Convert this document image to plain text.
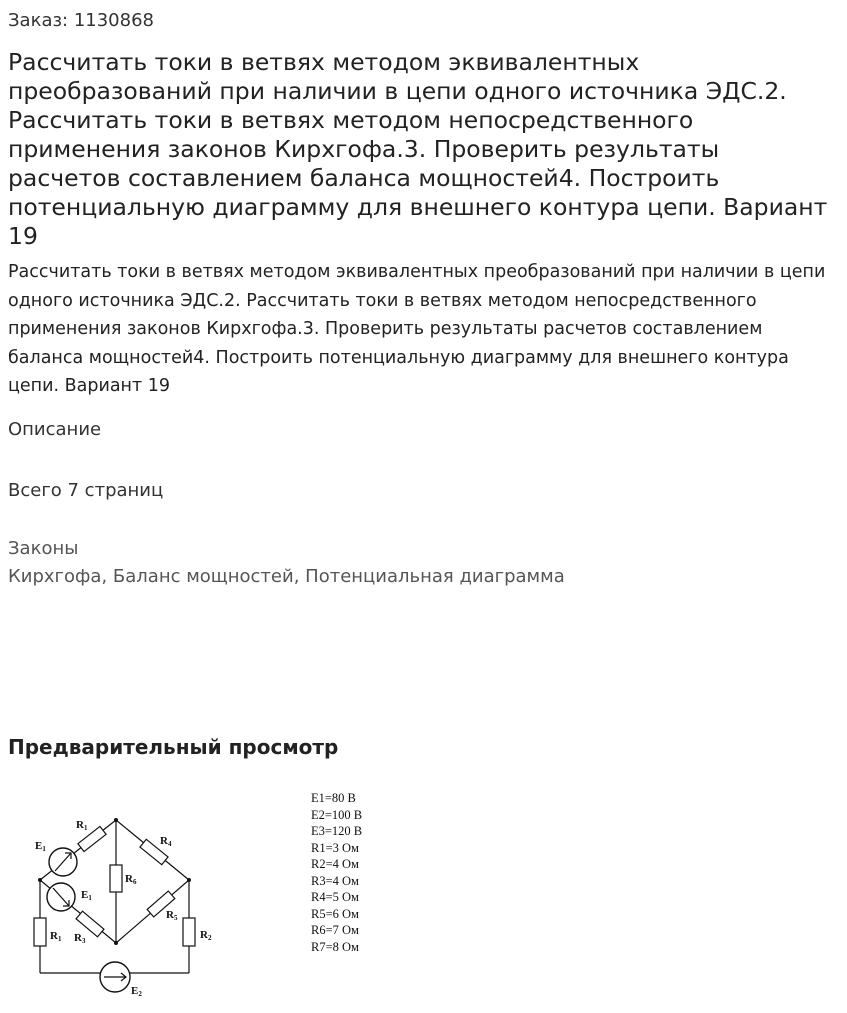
Заказ: 1130868
Рассчитать токи в ветвях методом эквивалентных преобразований при наличии в цепи одного источника ЭДС.2. Рассчитать токи в ветвях методом непосредственного применения законов Кирхгофа.3. Проверить результаты расчетов составлением баланса мощностей4. Построить потенциальную диаграмму для внешнего контура цепи. Вариант 19

Рассчитать токи в ветвях методом эквивалентных преобразований при наличии в цепи одного источника ЭДС.2. Рассчитать токи в ветвях методом непосредственного применения законов Кирхгофа.3. Проверить результаты расчетов составлением баланса мощностей4. Построить потенциальную диаграмму для внешнего контура цепи. Вариант 19

Описание
Всего 7 страниц
Законы
Кирхгофа, Баланс мощностей, Потенциальная диаграмма
Предварительный просмотр
R1
R4
R6
R5
R3
R1	R2
E1
E1
E2
E1=80 B
E2=100 B
E3=120 B
R1=3 Ом
R2=4 Ом
R3=4 Ом
R4=5 Ом
R5=6 Ом
R6=7 Ом
R7=8 Ом
